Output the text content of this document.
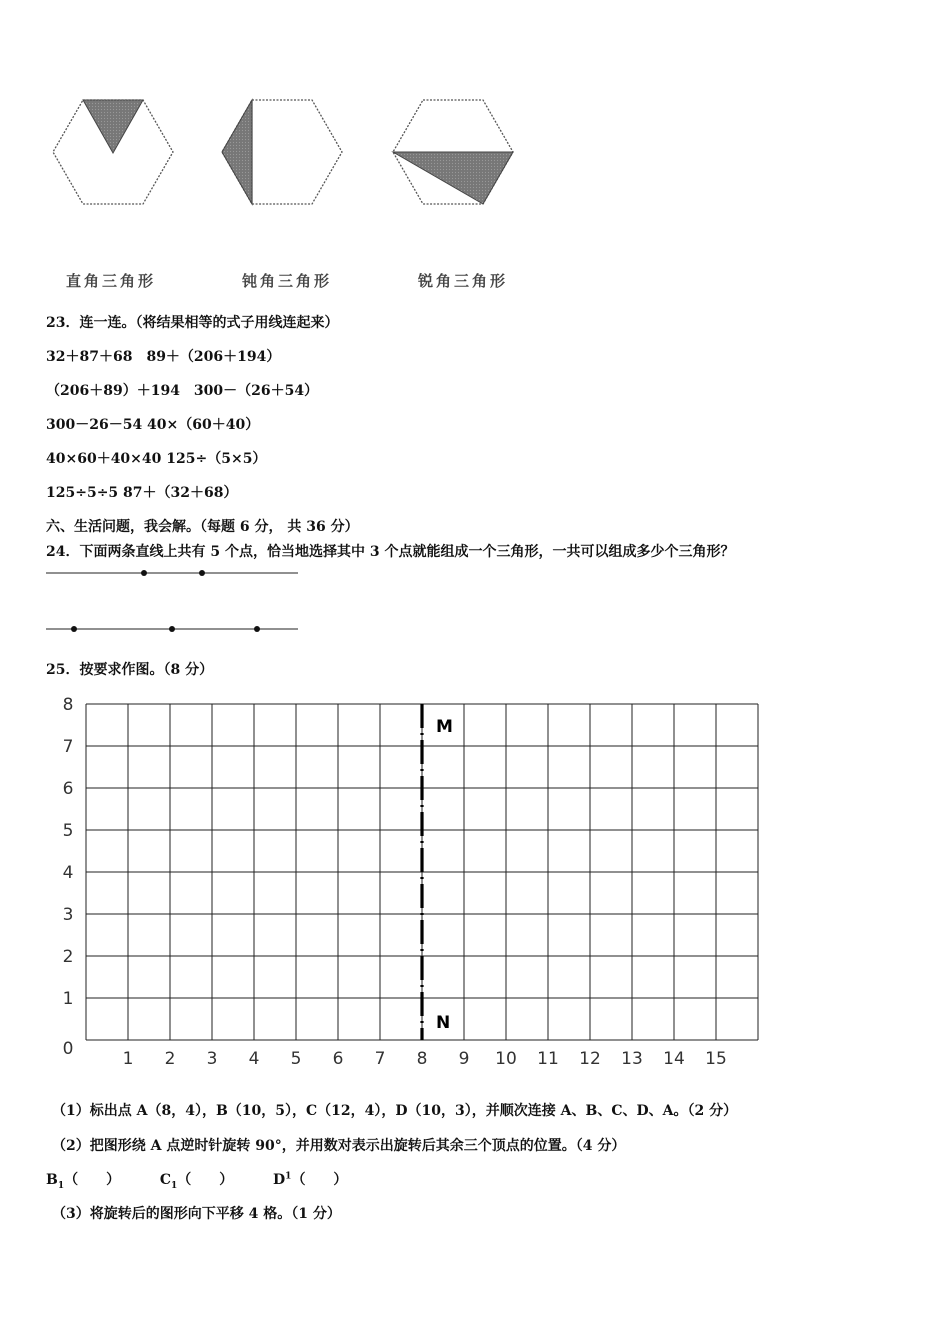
直角三角形	钝角三角形	锐角三角形
23．连一连。（将结果相等的式子用线连起来）
32＋87＋68　89＋（206＋194）
（206＋89）＋194　300－（26＋54）
300－26－54 40×（60＋40）
40×60＋40×40 125÷（5×5）
125÷5÷5 87＋（32＋68）
六、生活问题，我会解。（每题 6 分， 共 36 分）
24．下面两条直线上共有 5 个点，恰当地选择其中 3 个点就能组成一个三角形，一共可以组成多少个三角形？
25．按要求作图。（8 分）
1 2 3 4 5 6 7 8 9 10 11 12 13 14 15
0
1
2
3
4
5
6
7
8
M
N
（1）标出点 A（8，4），B（10，5），C（12，4），D（10，3），并顺次连接 A、B、C、D、A。（2 分）
（2）把图形绕 A 点逆时针旋转 90°，并用数对表示出旋转后其余三个顶点的位置。（4 分）
$B_1$（　　）	$C_1$（　　）	$D^1$（　　）
（3）将旋转后的图形向下平移 4 格。（1 分）
